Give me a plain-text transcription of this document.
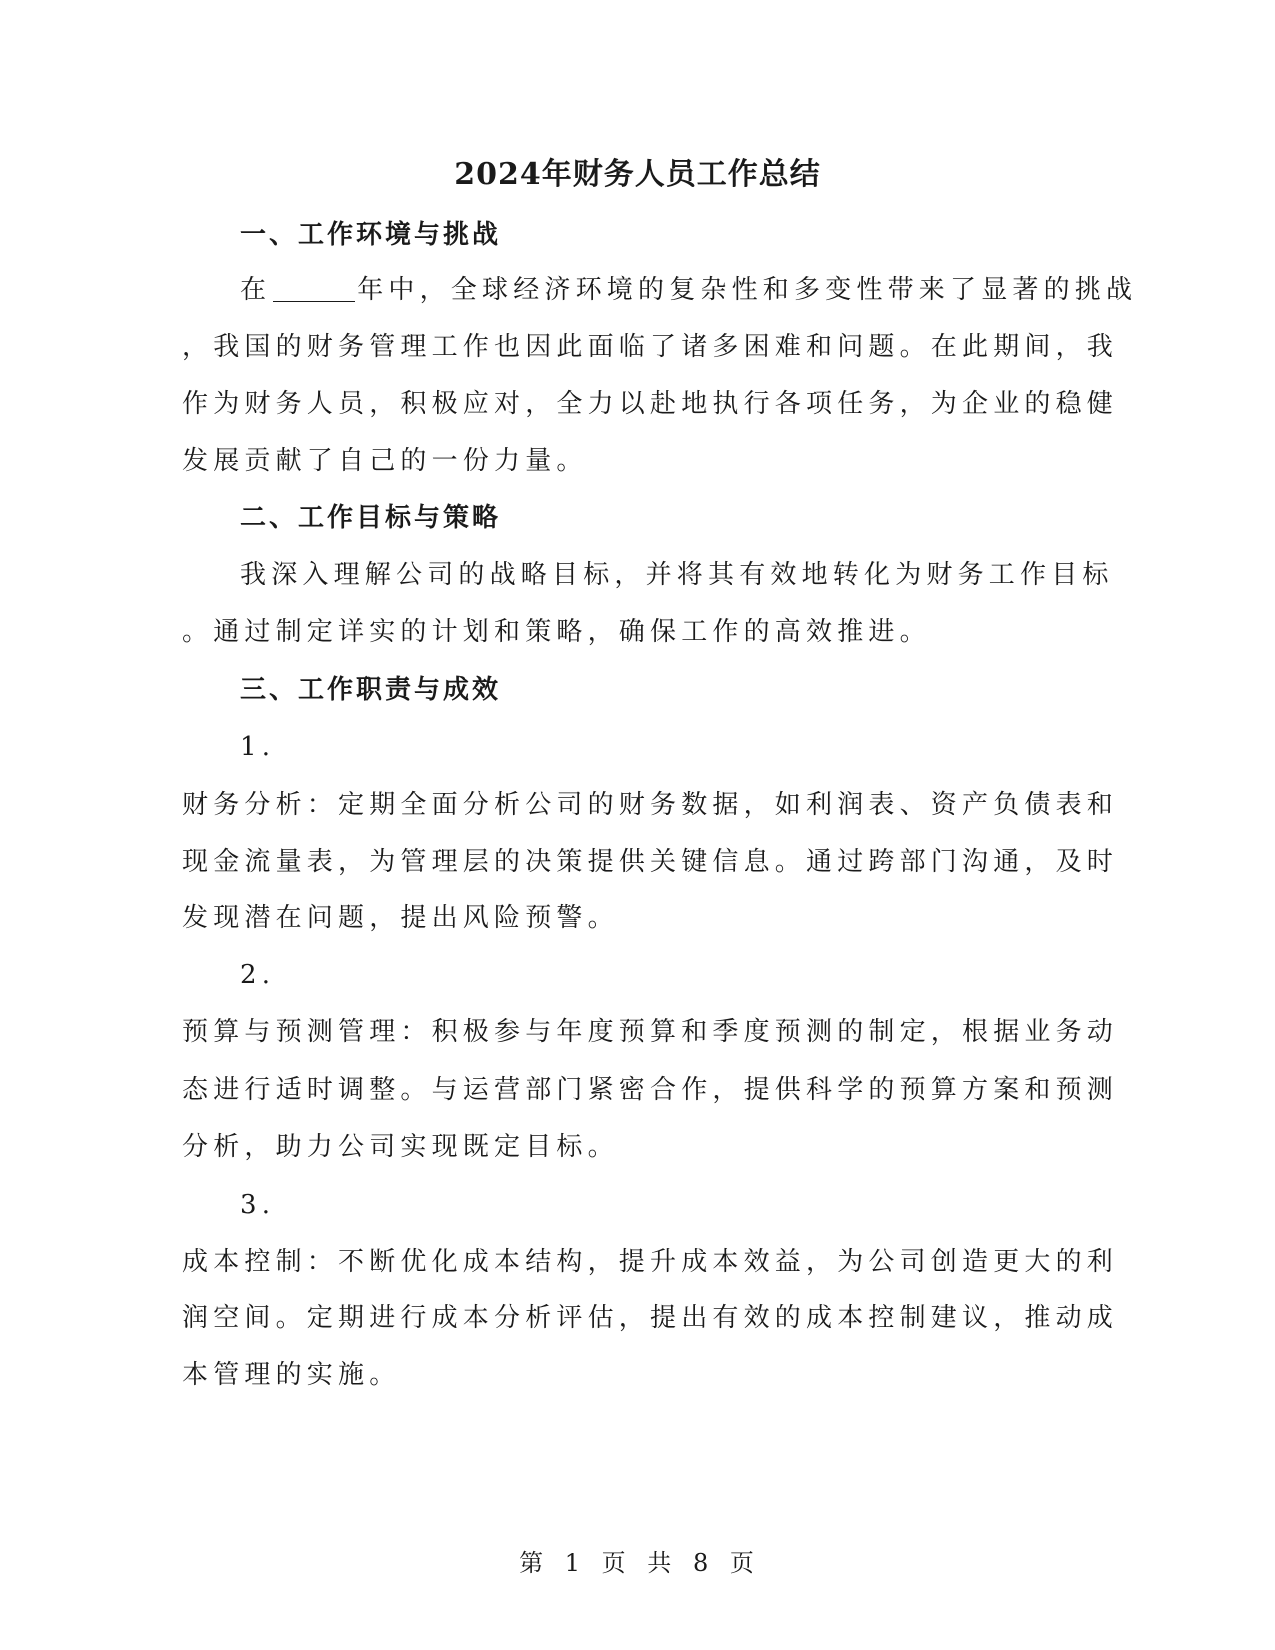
2024年财务人员工作总结
一、工作环境与挑战
在	年中，全球经济环境的复杂性和多变性带来了显著的挑战
，我国的财务管理工作也因此面临了诸多困难和问题。在此期间，我
作为财务人员，积极应对，全力以赴地执行各项任务，为企业的稳健
发展贡献了自己的一份力量。
二、工作目标与策略
我深入理解公司的战略目标，并将其有效地转化为财务工作目标
。通过制定详实的计划和策略，确保工作的高效推进。
三、工作职责与成效
1.
财务分析：定期全面分析公司的财务数据，如利润表、资产负债表和
现金流量表，为管理层的决策提供关键信息。通过跨部门沟通，及时
发现潜在问题，提出风险预警。
2.
预算与预测管理：积极参与年度预算和季度预测的制定，根据业务动
态进行适时调整。与运营部门紧密合作，提供科学的预算方案和预测
分析，助力公司实现既定目标。
3.
成本控制：不断优化成本结构，提升成本效益，为公司创造更大的利
润空间。定期进行成本分析评估，提出有效的成本控制建议，推动成
本管理的实施。
第 1 页 共 8 页
